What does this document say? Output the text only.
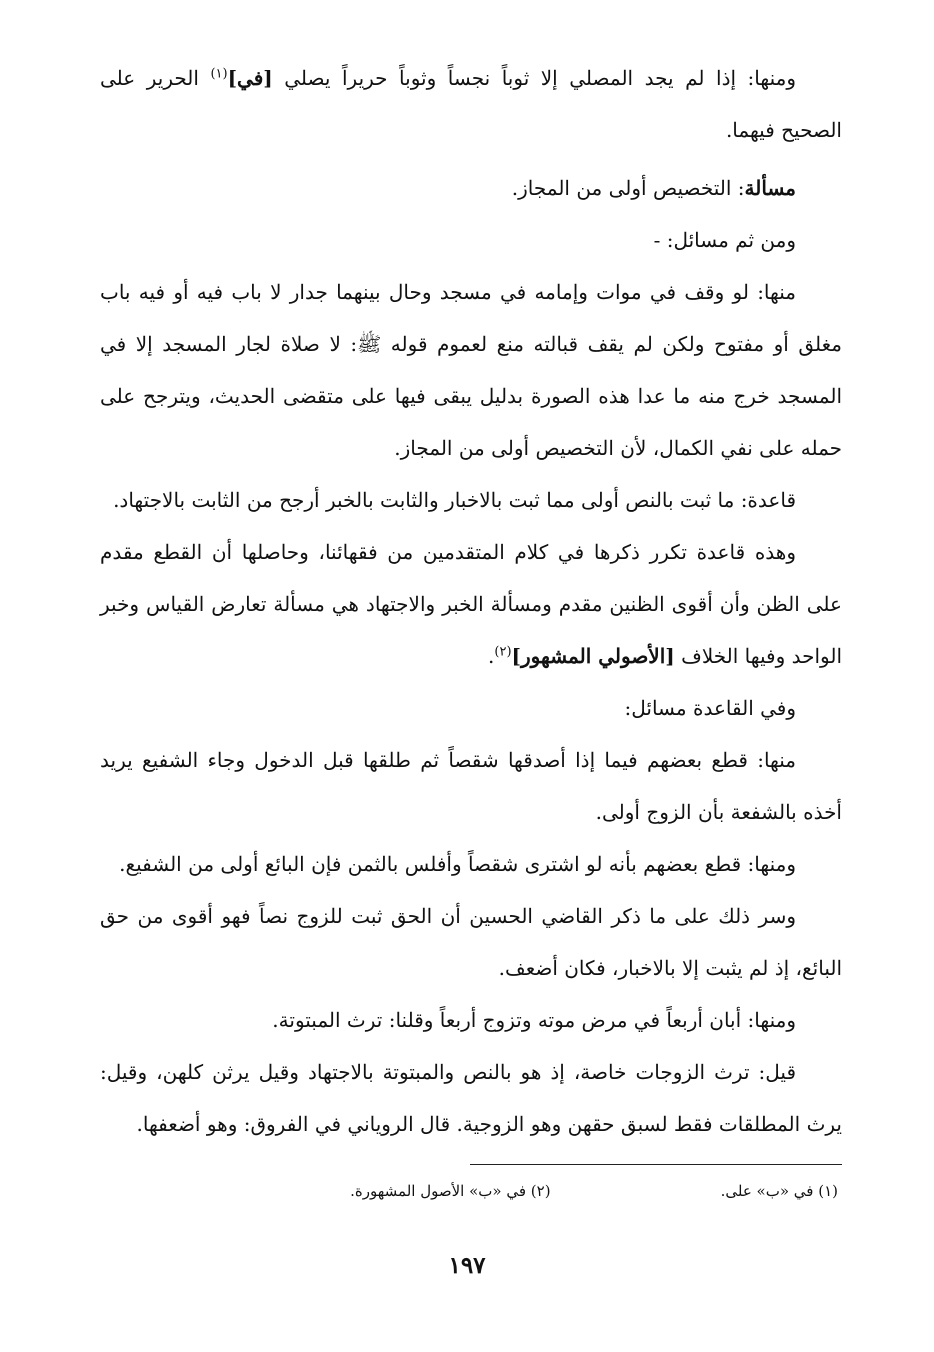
ومنها: إذا لم يجد المصلي إلا ثوباً نجساً وثوباً حريراً يصلي [في]$^{(١)}$ الحرير على الصحيح فيهما.

مسألة: التخصيص أولى من المجاز.

ومن ثم مسائل: -

منها: لو وقف في موات وإمامه في مسجد وحال بينهما جدار لا باب فيه أو فيه باب مغلق أو مفتوح ولكن لم يقف قبالته منع لعموم قوله ﷺ: لا صلاة لجار المسجد إلا في المسجد خرج منه ما عدا هذه الصورة بدليل يبقى فيها على متقضى الحديث، ويترجح على حمله على نفي الكمال، لأن التخصيص أولى من المجاز.

قاعدة: ما ثبت بالنص أولى مما ثبت بالاخبار والثابت بالخبر أرجح من الثابت بالاجتهاد.

وهذه قاعدة تكرر ذكرها في كلام المتقدمين من فقهائنا، وحاصلها أن القطع مقدم على الظن وأن أقوى الظنين مقدم ومسألة الخبر والاجتهاد هي مسألة تعارض القياس وخبر الواحد وفيها الخلاف [الأصولي المشهور]$^{(٢)}$.

وفي القاعدة مسائل:

منها: قطع بعضهم فيما إذا أصدقها شقصاً ثم طلقها قبل الدخول وجاء الشفيع يريد أخذه بالشفعة بأن الزوج أولى.

ومنها: قطع بعضهم بأنه لو اشترى شقصاً وأفلس بالثمن فإن البائع أولى من الشفيع.

وسر ذلك على ما ذكر القاضي الحسين أن الحق ثبت للزوج نصاً فهو أقوى من حق البائع، إذ لم يثبت إلا بالاخبار، فكان أضعف.

ومنها: أبان أربعاً في مرض موته وتزوج أربعاً وقلنا: ترث المبتوتة.

قيل: ترث الزوجات خاصة، إذ هو بالنص والمبتوتة بالاجتهاد وقيل يرثن كلهن، وقيل: يرث المطلقات فقط لسبق حقهن وهو الزوجية. قال الروياني في الفروق: وهو أضعفها.

(١) في «ب» على.
(٢) في «ب» الأصول المشهورة.
١٩٧
